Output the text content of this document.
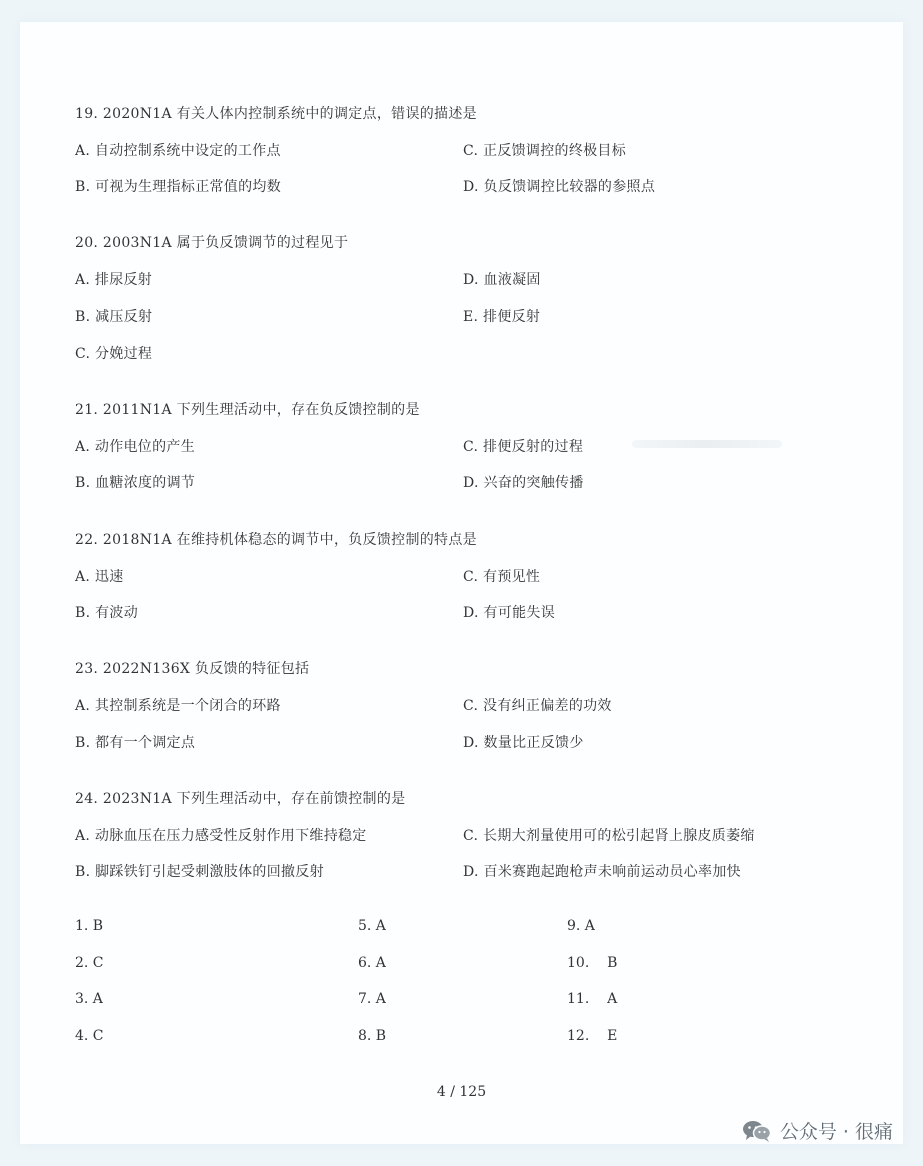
19. 2020N1A 有关人体内控制系统中的调定点，错误的描述是
A. 自动控制系统中设定的工作点	C. 正反馈调控的终极目标
B. 可视为生理指标正常值的均数	D. 负反馈调控比较器的参照点
20. 2003N1A 属于负反馈调节的过程见于
A. 排尿反射	D. 血液凝固
B. 减压反射	E. 排便反射
C. 分娩过程
21. 2011N1A 下列生理活动中，存在负反馈控制的是
A. 动作电位的产生	C. 排便反射的过程
B. 血糖浓度的调节	D. 兴奋的突触传播
22. 2018N1A 在维持机体稳态的调节中，负反馈控制的特点是
A. 迅速	C. 有预见性
B. 有波动	D. 有可能失误
23. 2022N136X 负反馈的特征包括
A. 其控制系统是一个闭合的环路	C. 没有纠正偏差的功效
B. 都有一个调定点	D. 数量比正反馈少
24. 2023N1A 下列生理活动中，存在前馈控制的是
A. 动脉血压在压力感受性反射作用下维持稳定	C. 长期大剂量使用可的松引起肾上腺皮质萎缩
B. 脚踩铁钉引起受刺激肢体的回撤反射	D. 百米赛跑起跑枪声未响前运动员心率加快
1. B	5. A	9. A
2. C	6. A	10.    B
3. A	7. A	11.    A
4. C	8. B	12.    E
4 / 125
公众号 · 很痛
